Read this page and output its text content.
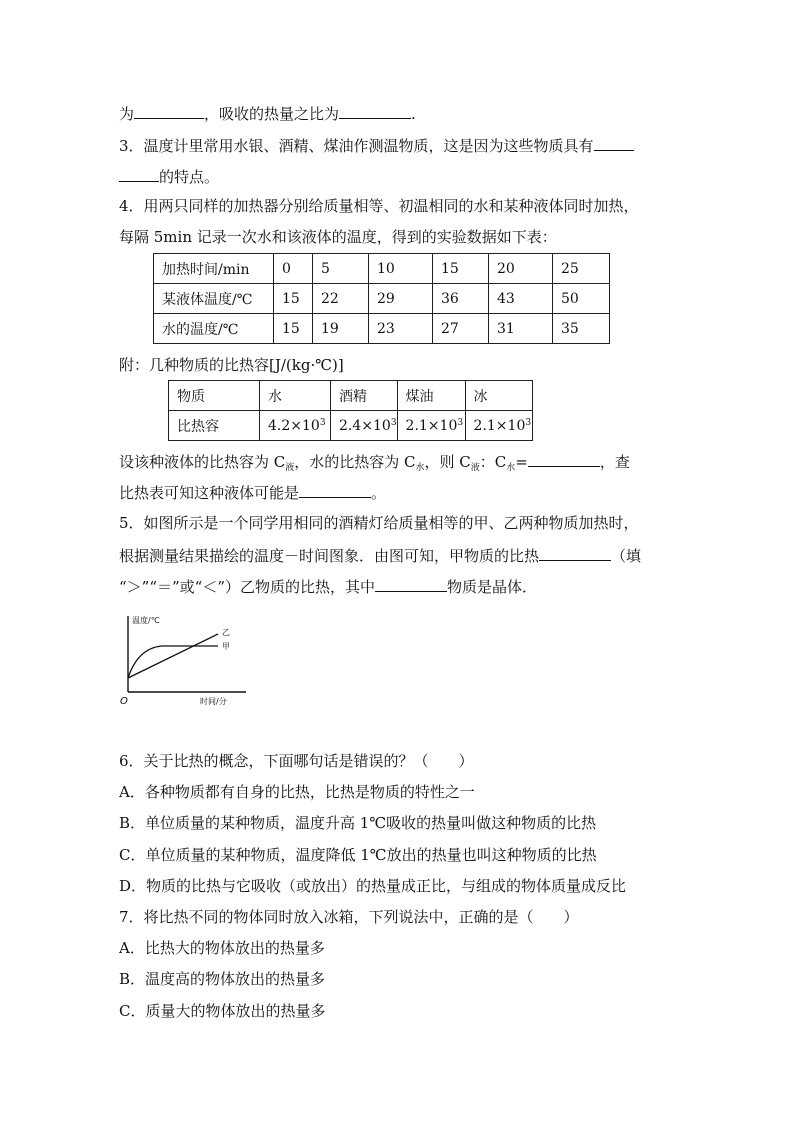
为	，吸收的热量之比为	.
3．温度计里常用水银、酒精、煤油作测温物质，这是因为这些物质具有
的特点。
4．用两只同样的加热器分别给质量相等、初温相同的水和某种液体同时加热，
每隔 5min 记录一次水和该液体的温度，得到的实验数据如下表：
加热时间/min	0	5	10	15	20	25
某液体温度/℃	15	22	29	36	43	50
水的温度/℃	15	19	23	27	31	35
附：几种物质的比热容[J/(kg·℃)]
物质	水	酒精	煤油	冰
比热容	$4.2\times 10^3$	$2.4\times 10^3$	$2.1\times 10^3$	$2.1\times 10^3$
设该种液体的比热容为 $C_液$，水的比热容为 $C_水$，则 $C_液$：$C_水=$	，查
比热表可知这种液体可能是	。
5．如图所示是一个同学用相同的酒精灯给质量相等的甲、乙两种物质加热时，
根据测量结果描绘的温度－时间图象．由图可知，甲物质的比热	（填
“＞”“＝”或“＜”）乙物质的比热，其中	物质是晶体．
温度/℃
时间/分
O
乙
甲
6．关于比热的概念，下面哪句话是错误的？（　　）
A．各种物质都有自身的比热，比热是物质的特性之一
B．单位质量的某种物质，温度升高 1℃吸收的热量叫做这种物质的比热
C．单位质量的某种物质，温度降低 1℃放出的热量也叫这种物质的比热
D．物质的比热与它吸收（或放出）的热量成正比，与组成的物体质量成反比
7．将比热不同的物体同时放入冰箱，下列说法中，正确的是（　　）
A．比热大的物体放出的热量多
B．温度高的物体放出的热量多
C．质量大的物体放出的热量多
